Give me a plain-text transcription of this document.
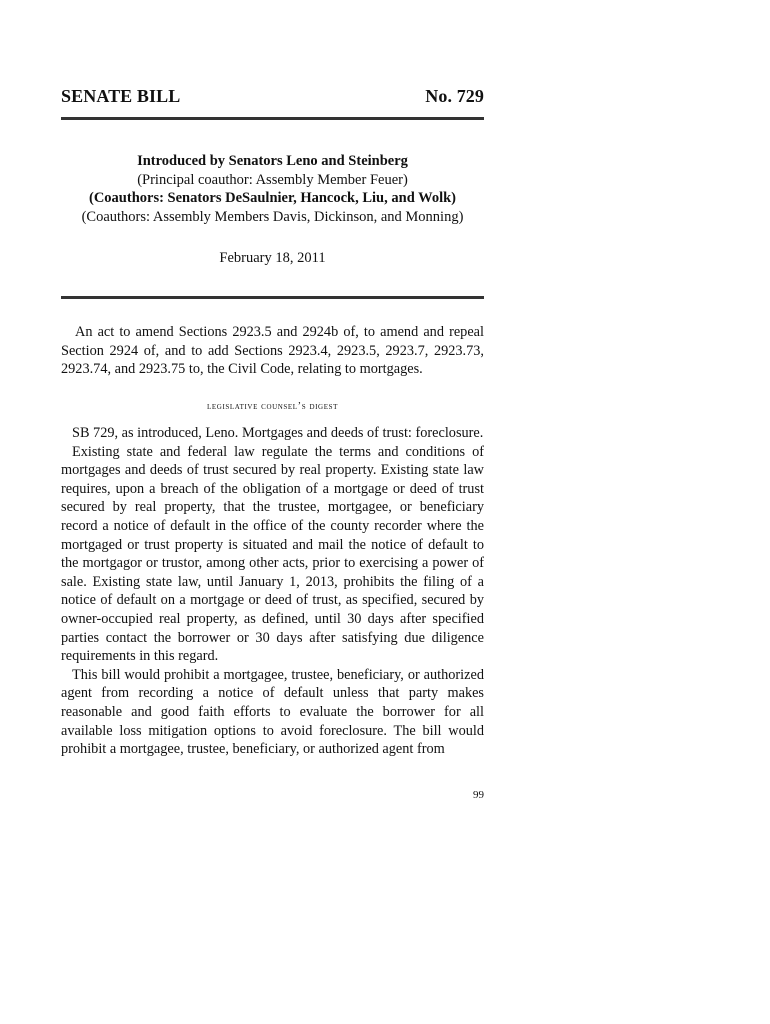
SENATE BILL	No. 729
Introduced by Senators Leno and Steinberg
(Principal coauthor: Assembly Member Feuer)
(Coauthors: Senators DeSaulnier, Hancock, Liu, and Wolk)
(Coauthors: Assembly Members Davis, Dickinson, and Monning)
February 18, 2011

An act to amend Sections 2923.5 and 2924b of, to amend and repeal Section 2924 of, and to add Sections 2923.4, 2923.5, 2923.7, 2923.73, 2923.74, and 2923.75 to, the Civil Code, relating to mortgages.

legislative counsel’s digest

SB 729, as introduced, Leno. Mortgages and deeds of trust: foreclosure.

Existing state and federal law regulate the terms and conditions of mortgages and deeds of trust secured by real property. Existing state law requires, upon a breach of the obligation of a mortgage or deed of trust secured by real property, that the trustee, mortgagee, or beneficiary record a notice of default in the office of the county recorder where the mortgaged or trust property is situated and mail the notice of default to the mortgagor or trustor, among other acts, prior to exercising a power of sale. Existing state law, until January 1, 2013, prohibits the filing of a notice of default on a mortgage or deed of trust, as specified, secured by owner-occupied real property, as defined, until 30 days after specified parties contact the borrower or 30 days after satisfying due diligence requirements in this regard.

This bill would prohibit a mortgagee, trustee, beneficiary, or authorized agent from recording a notice of default unless that party makes reasonable and good faith efforts to evaluate the borrower for all available loss mitigation options to avoid foreclosure. The bill would prohibit a mortgagee, trustee, beneficiary, or authorized agent from

99
